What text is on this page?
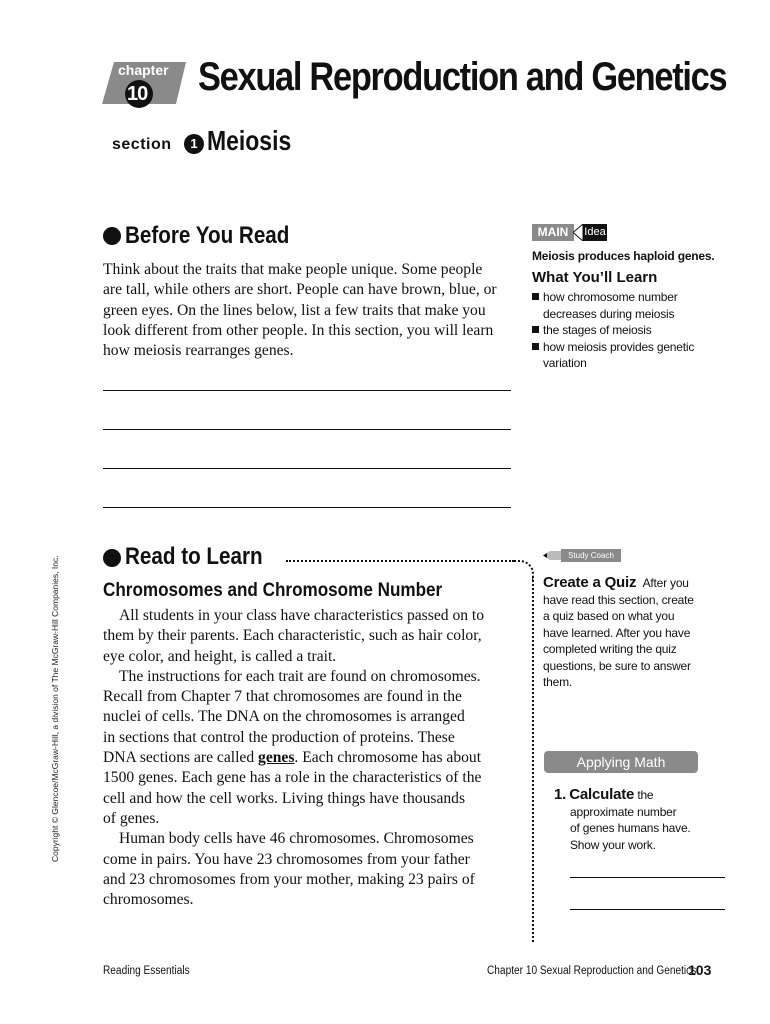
chapter
10 Sexual Reproduction and Genetics
section	1 Meiosis
Before You Read
Think about the traits that make people unique. Some people
are tall, while others are short. People can have brown, blue, or
green eyes. On the lines below, list a few traits that make you
look different from other people. In this section, you will learn
how meiosis rearranges genes.
MAIN	Idea
Meiosis produces haploid genes.
What You’ll Learn
how chromosome number
decreases during meiosis
the stages of meiosis
how meiosis provides genetic
variation
Read to Learn
Chromosomes and Chromosome Number
All students in your class have characteristics passed on to
them by their parents. Each characteristic, such as hair color,
eye color, and height, is called a trait.
The instructions for each trait are found on chromosomes.
Recall from Chapter 7 that chromosomes are found in the
nuclei of cells. The DNA on the chromosomes is arranged
in sections that control the production of proteins. These
DNA sections are called genes. Each chromosome has about
1500 genes. Each gene has a role in the characteristics of the
cell and how the cell works. Living things have thousands
of genes.
Human body cells have 46 chromosomes. Chromosomes
come in pairs. You have 23 chromosomes from your father
and 23 chromosomes from your mother, making 23 pairs of
chromosomes.
Study Coach
Create a Quiz After you
have read this section, create
a quiz based on what you
have learned. After you have
completed writing the quiz
questions, be sure to answer
them.
Applying Math
1. Calculate the
approximate number
of genes humans have.
Show your work.
Copyright © Glencoe/McGraw-Hill, a division of The McGraw-Hill Companies, Inc.
Reading Essentials	Chapter 10 Sexual Reproduction and Genetics
103
